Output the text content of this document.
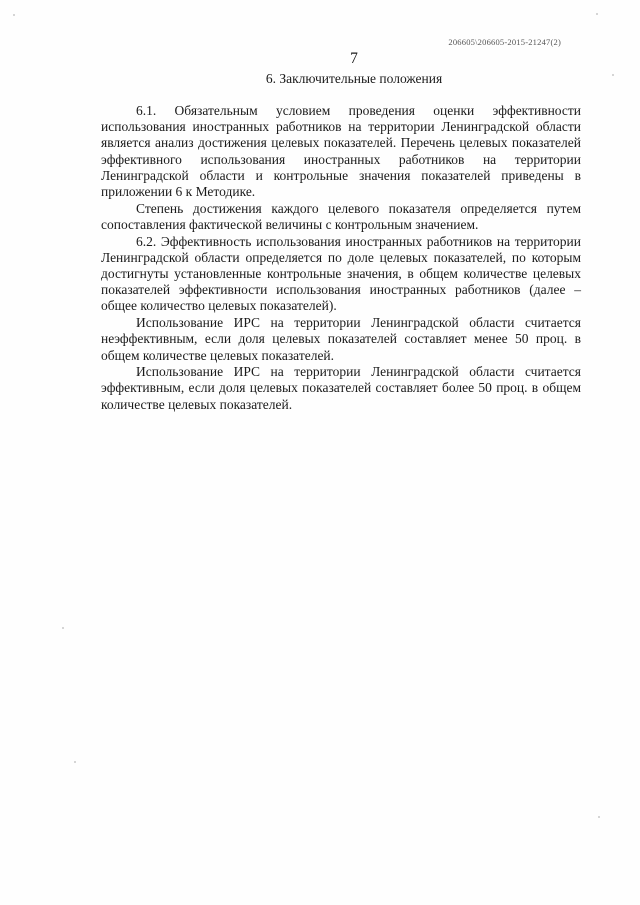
206605\206605-2015-21247(2)
7
6. Заключительные положения

6.1. Обязательным условием проведения оценки эффективности использования иностранных работников на территории Ленинградской области является анализ достижения целевых показателей. Перечень целевых показателей эффективного использования иностранных работников на территории Ленинградской области и контрольные значения показателей приведены в приложении 6 к Методике.

Степень достижения каждого целевого показателя определяется путем сопоставления фактической величины с контрольным значением.

6.2. Эффективность использования иностранных работников на территории Ленинградской области определяется по доле целевых показателей, по которым достигнуты установленные контрольные значения, в общем количестве целевых показателей эффективности использования иностранных работников (далее – общее количество целевых показателей).

Использование ИРС на территории Ленинградской области считается неэффективным, если доля целевых показателей составляет менее 50 проц. в общем количестве целевых показателей.

Использование ИРС на территории Ленинградской области считается эффективным, если доля целевых показателей составляет более 50 проц. в общем количестве целевых показателей.
